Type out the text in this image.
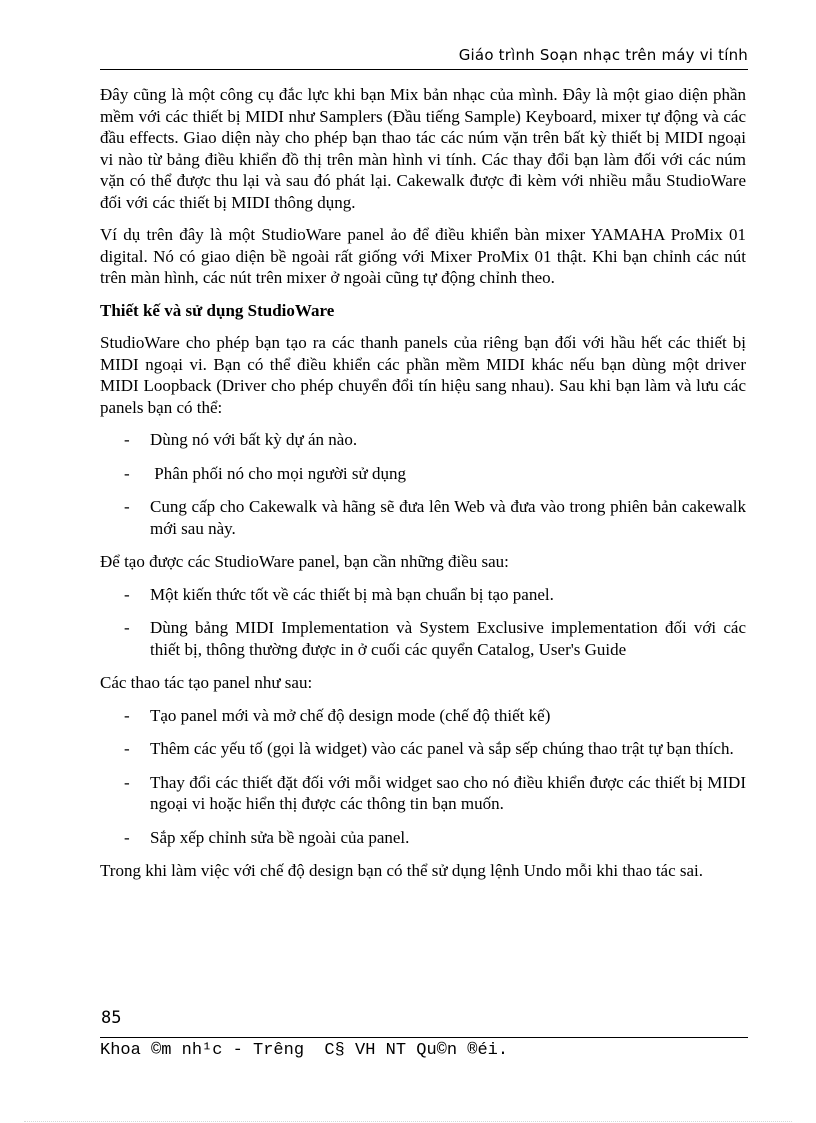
Giáo trình Soạn nhạc trên máy vi tính

Đây cũng là một công cụ đắc lực khi bạn Mix bản nhạc của mình. Đây là một giao diện phần mềm với các thiết bị MIDI như Samplers (Đầu tiếng Sample) Keyboard, mixer tự động và các đầu effects. Giao diện này cho phép bạn thao tác các núm vặn trên bất kỳ thiết bị MIDI ngoại vi nào từ bảng điều khiển đồ thị trên màn hình vi tính. Các thay đổi bạn làm đối với các núm vặn có thể được thu lại và sau đó phát lại. Cakewalk được đi kèm với nhiều mẫu StudioWare đối với các thiết bị MIDI thông dụng.

Ví dụ trên đây là một StudioWare panel ảo để điều khiển bàn mixer YAMAHA ProMix 01 digital. Nó có giao diện bề ngoài rất giống với Mixer ProMix 01 thật. Khi bạn chỉnh các nút trên màn hình, các nút trên mixer ở ngoài cũng tự động chỉnh theo.

Thiết kế và sử dụng StudioWare

StudioWare cho phép bạn tạo ra các thanh panels của riêng bạn đối với hầu hết các thiết bị MIDI ngoại vi. Bạn có thể điều khiển các phần mềm MIDI khác nếu bạn dùng một driver MIDI Loopback (Driver cho phép chuyển đổi tín hiệu sang nhau). Sau khi bạn làm và lưu các panels bạn có thể:

- Dùng nó với bất kỳ dự án nào.
- Phân phối nó cho mọi người sử dụng
- Cung cấp cho Cakewalk và hãng sẽ đưa lên Web và đưa vào trong phiên bản cakewalk mới sau này.

Để tạo được các StudioWare panel, bạn cần những điều sau:

- Một kiến thức tốt về các thiết bị mà bạn chuẩn bị tạo panel.
- Dùng bảng MIDI Implementation và System Exclusive implementation đối với các thiết bị, thông thường được in ở cuối các quyển Catalog, User's Guide

Các thao tác tạo panel như sau:

- Tạo panel mới và mở chế độ design mode (chế độ thiết kế)
- Thêm các yếu tố (gọi là widget) vào các panel và sắp sếp chúng thao trật tự bạn thích.
- Thay đổi các thiết đặt đối với mỗi widget sao cho nó điều khiển được các thiết bị MIDI ngoại vi hoặc hiển thị được các thông tin bạn muốn.
- Sắp xếp chỉnh sửa bề ngoài của panel.

Trong khi làm việc với chế độ design bạn có thể sử dụng lệnh Undo mỗi khi thao tác sai.

85
Khoa ©m nh¹c - Trêng  C§ VH NT Qu©n ®éi.
